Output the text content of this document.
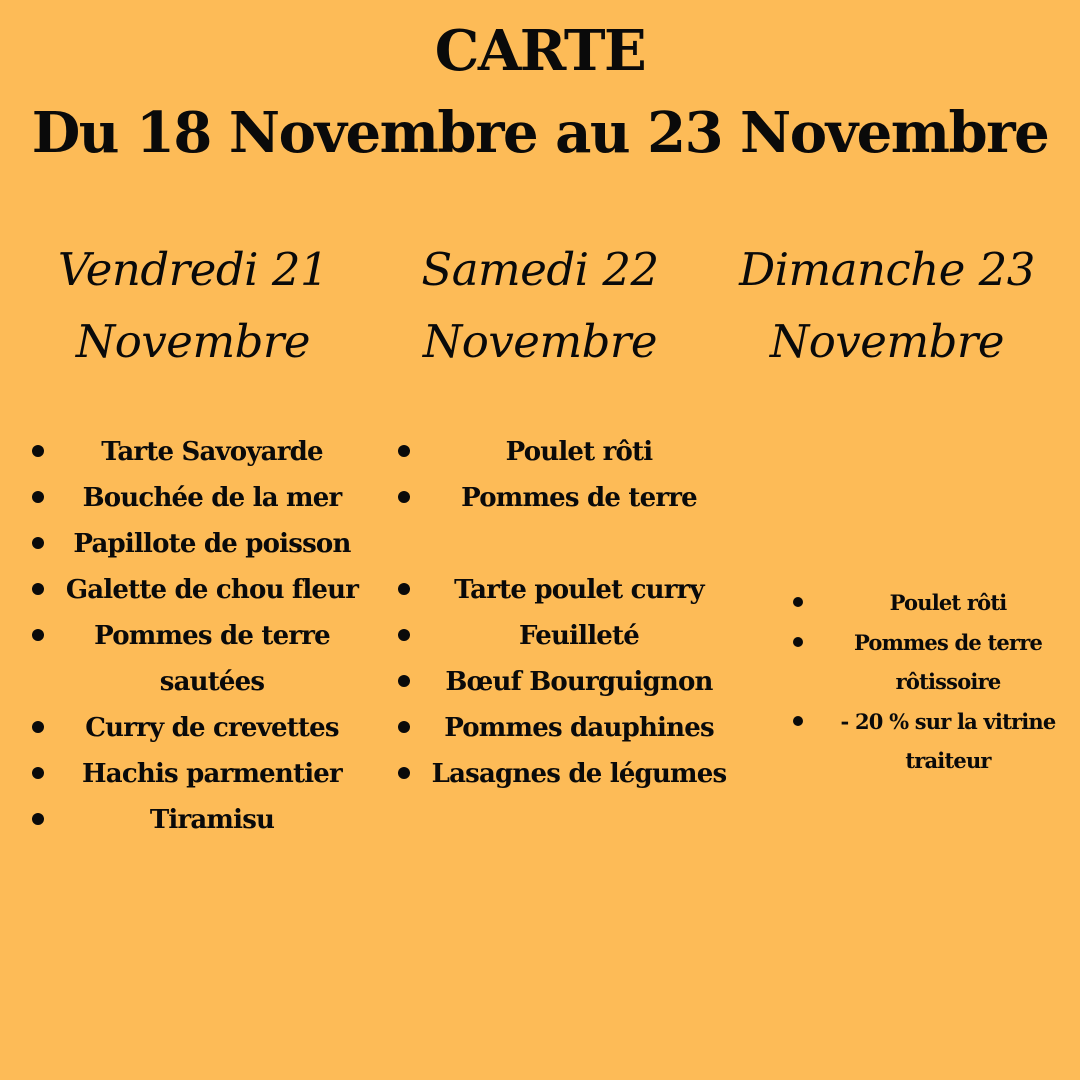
CARTE
Du 18 Novembre au 23 Novembre
Vendredi 21
Novembre
Samedi 22
Novembre
Dimanche 23
Novembre
Tarte Savoyarde
Bouchée de la mer
Papillote de poisson
Galette de chou fleur
Pommes de terre sautées
Curry de crevettes
Hachis parmentier
Tiramisu
Poulet rôti
Pommes de terre
Tarte poulet curry
Feuilleté
Bœuf Bourguignon
Pommes dauphines
Lasagnes de légumes
Poulet rôti
Pommes de terre rôtissoire
- 20 % sur la vitrine traiteur
